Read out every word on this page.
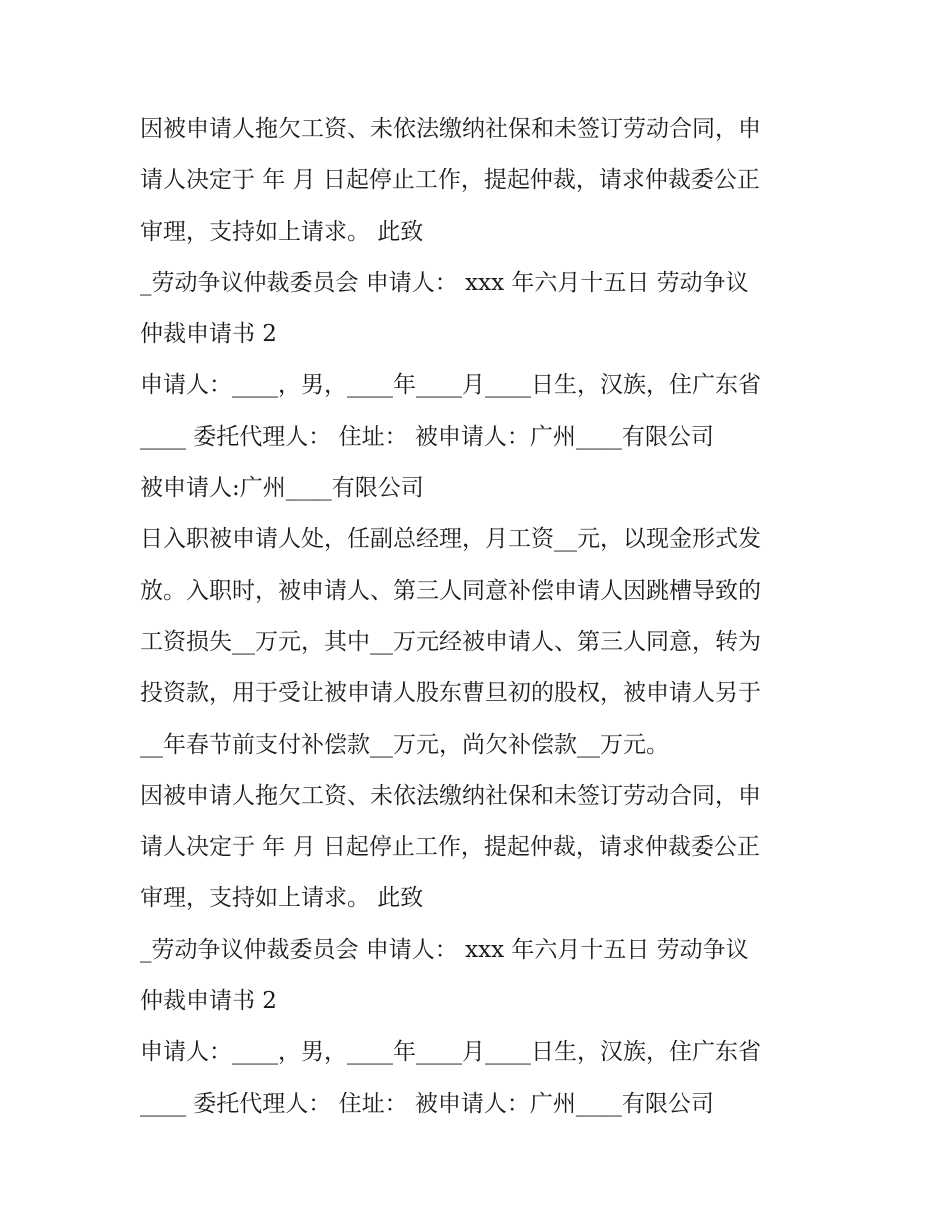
因被申请人拖欠工资、未依法缴纳社保和未签订劳动合同，申
请人决定于 年 月 日起停止工作，提起仲裁，请求仲裁委公正
审理，支持如上请求。 此致
_劳动争议仲裁委员会 申请人： xxx 年六月十五日 劳动争议
仲裁申请书 2
申请人：____，男，____年____月____日生，汉族，住广东省
____ 委托代理人： 住址： 被申请人：广州____有限公司
被申请人:广州____有限公司
日入职被申请人处，任副总经理，月工资__元，以现金形式发
放。入职时，被申请人、第三人同意补偿申请人因跳槽导致的
工资损失__万元，其中__万元经被申请人、第三人同意，转为
投资款，用于受让被申请人股东曹旦初的股权，被申请人另于
__年春节前支付补偿款__万元，尚欠补偿款__万元。
因被申请人拖欠工资、未依法缴纳社保和未签订劳动合同，申
请人决定于 年 月 日起停止工作，提起仲裁，请求仲裁委公正
审理，支持如上请求。 此致
_劳动争议仲裁委员会 申请人： xxx 年六月十五日 劳动争议
仲裁申请书 2
申请人：____，男，____年____月____日生，汉族，住广东省
____ 委托代理人： 住址： 被申请人：广州____有限公司
